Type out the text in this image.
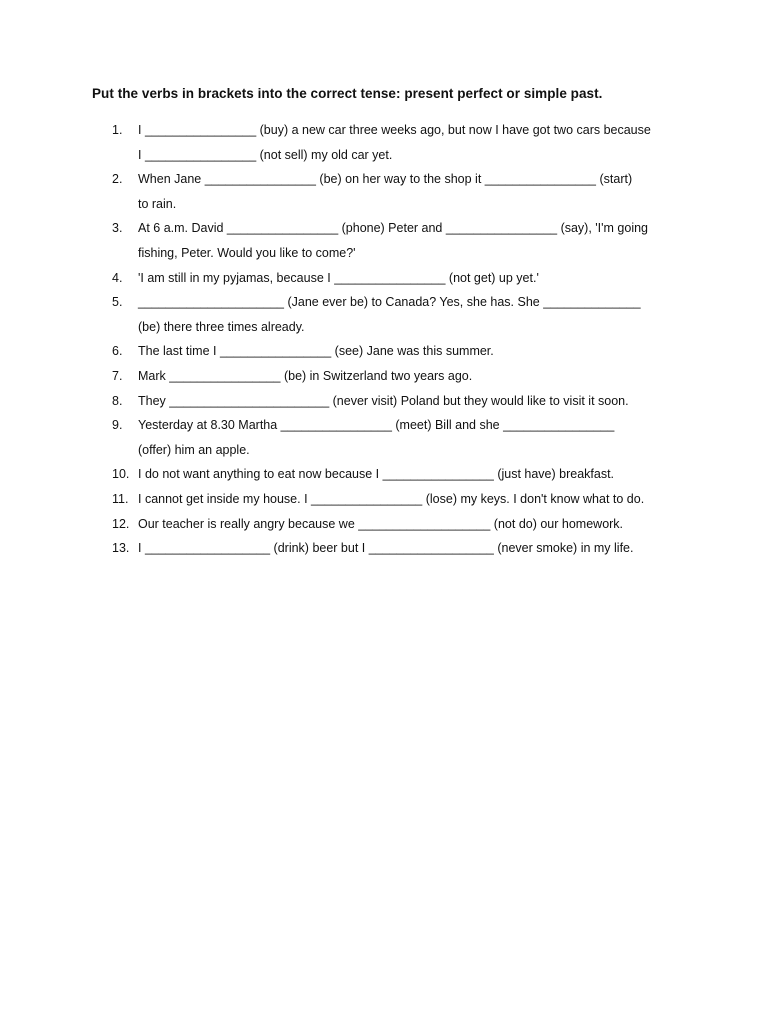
Put the verbs in brackets into the correct tense: present perfect or simple past.
1. I ________________ (buy) a new car three weeks ago, but now I have got two cars because
I ________________ (not sell) my old car yet.
2. When Jane ________________ (be) on her way to the shop it ________________ (start)
to rain.
3. At 6 a.m. David ________________ (phone) Peter and ________________ (say), 'I'm going
fishing, Peter. Would you like to come?'
4. 'I am still in my pyjamas, because I ________________ (not get) up yet.'
5. _____________________ (Jane ever be) to Canada? Yes, she has. She ______________
(be) there three times already.
6. The last time I ________________ (see) Jane was this summer.
7. Mark ________________ (be) in Switzerland two years ago.
8. They _______________________ (never visit) Poland but they would like to visit it soon.
9. Yesterday at 8.30 Martha ________________ (meet) Bill and she ________________
(offer) him an apple.
10. I do not want anything to eat now because I ________________ (just have) breakfast.
11. I cannot get inside my house. I ________________ (lose) my keys. I don't know what to do.
12. Our teacher is really angry because we ___________________ (not do) our homework.
13. I __________________ (drink) beer but I __________________ (never smoke) in my life.
